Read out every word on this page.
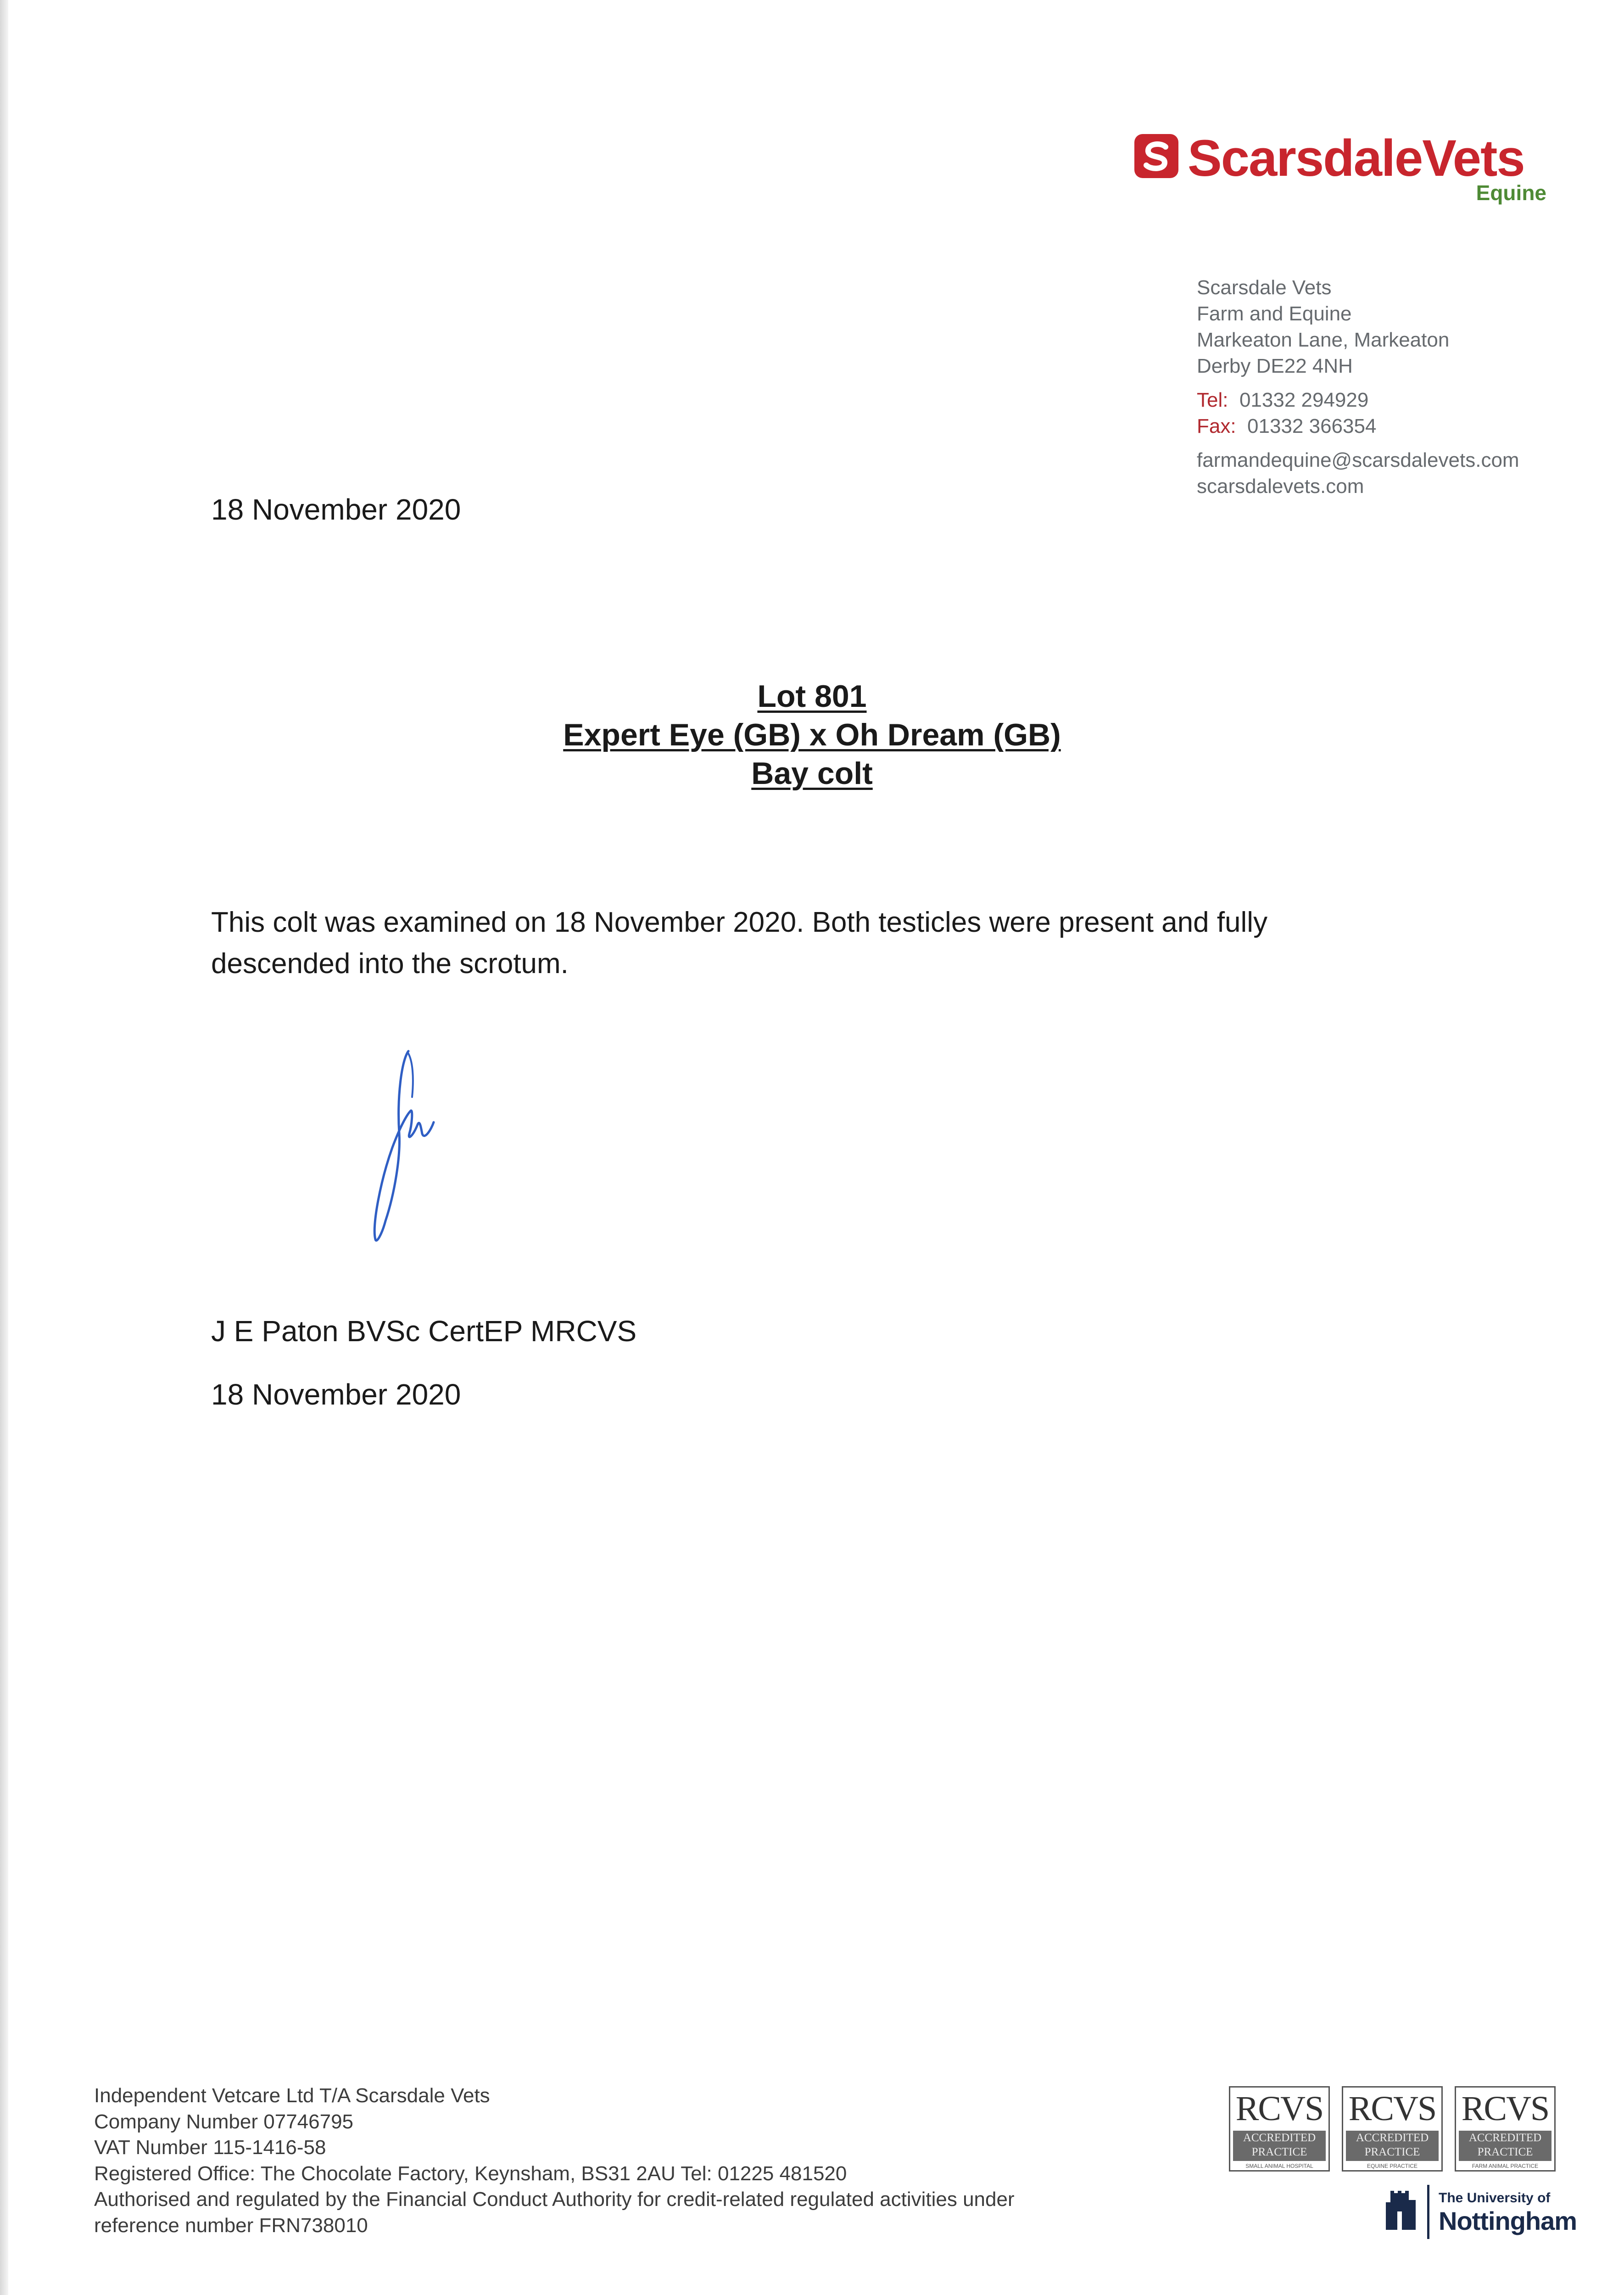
ScarsdaleVets
Equine
Scarsdale Vets
Farm and Equine
Markeaton Lane, Markeaton
Derby DE22 4NH
Tel: 01332 294929
Fax: 01332 366354
farmandequine@scarsdalevets.com
scarsdalevets.com
18 November 2020
Lot 801
Expert Eye (GB) x Oh Dream (GB)
Bay colt
This colt was examined on 18 November 2020. Both testicles were present and fully
descended into the scrotum.
J E Paton BVSc CertEP MRCVS
18 November 2020
Independent Vetcare Ltd T/A Scarsdale Vets
Company Number 07746795
VAT Number 115-1416-58
Registered Office: The Chocolate Factory, Keynsham, BS31 2AU Tel: 01225 481520
Authorised and regulated by the Financial Conduct Authority for credit-related regulated activities under
reference number FRN738010
RCVS
ACCREDITED
PRACTICE
SMALL ANIMAL HOSPITAL
RCVS
ACCREDITED
PRACTICE
EQUINE PRACTICE
RCVS
ACCREDITED
PRACTICE
FARM ANIMAL PRACTICE
The University of
Nottingham
